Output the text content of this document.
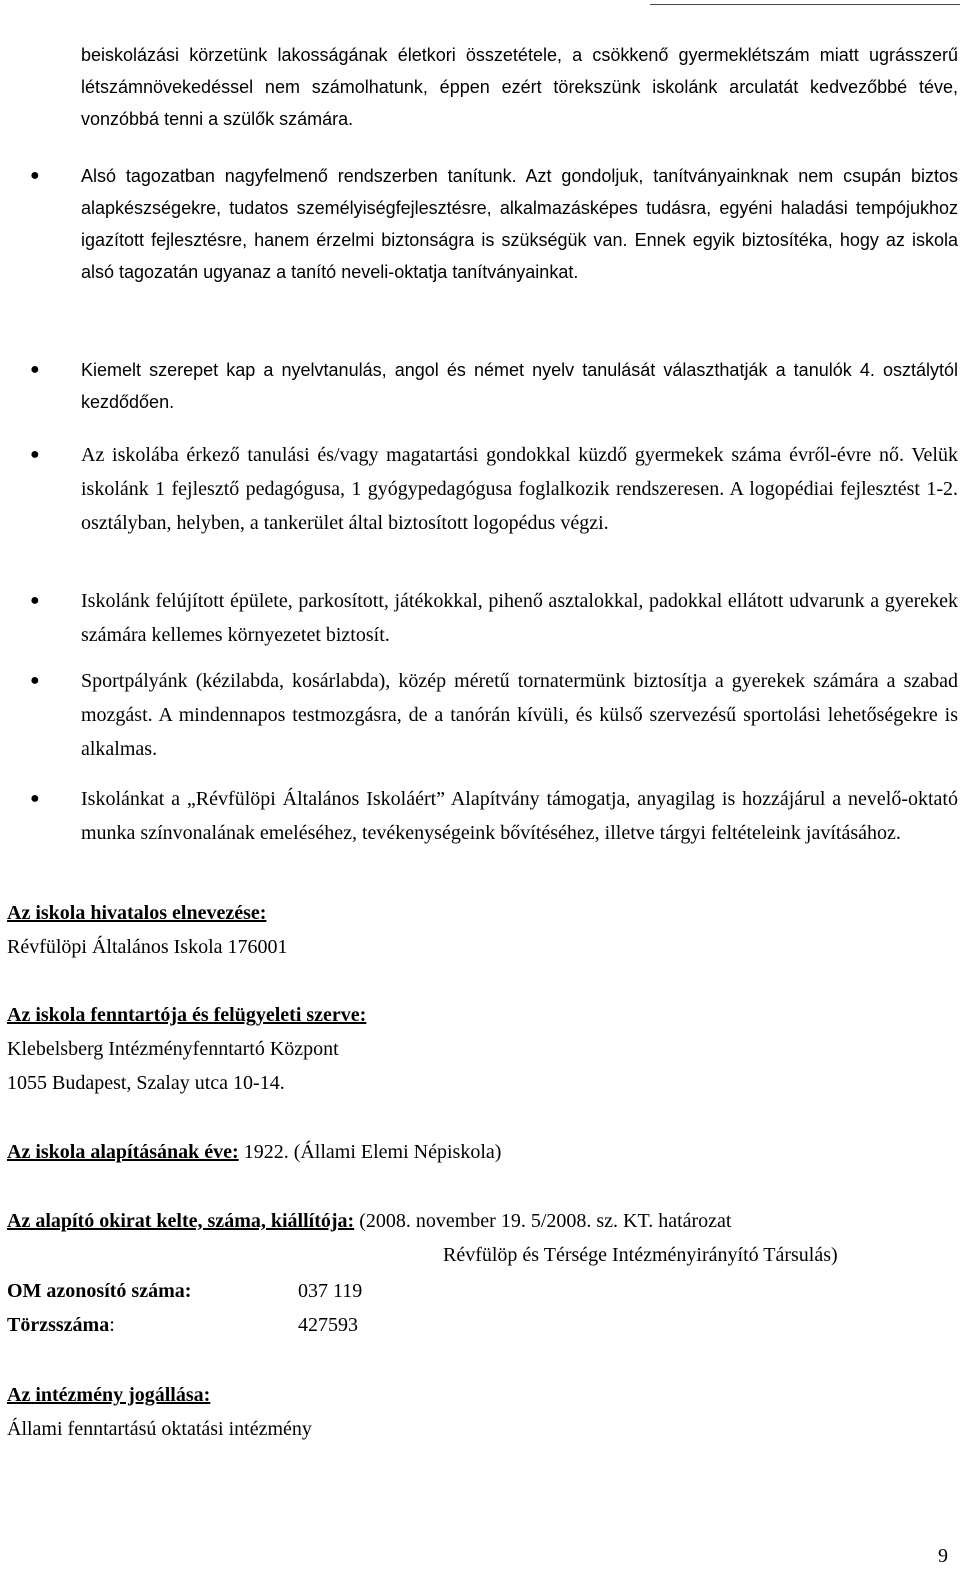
beiskolázási körzetünk lakosságának életkori összetétele, a csökkenő gyermeklétszám miatt ugrásszerű létszámnövekedéssel nem számolhatunk, éppen ezért törekszünk iskolánk arculatát kedvezőbbé téve, vonzóbbá tenni a szülők számára.

● Alsó tagozatban nagyfelmenő rendszerben tanítunk. Azt gondoljuk, tanítványainknak nem csupán biztos alapkészségekre, tudatos személyiségfejlesztésre, alkalmazásképes tudásra, egyéni haladási tempójukhoz igazított fejlesztésre, hanem érzelmi biztonságra is szükségük van. Ennek egyik biztosítéka, hogy az iskola alsó tagozatán ugyanaz a tanító neveli-oktatja tanítványainkat.

● Kiemelt szerepet kap a nyelvtanulás, angol és német nyelv tanulását választhatják a tanulók 4. osztálytól kezdődően.

● Az iskolába érkező tanulási és/vagy magatartási gondokkal küzdő gyermekek száma évről-évre nő. Velük iskolánk 1 fejlesztő pedagógusa, 1 gyógypedagógusa foglalkozik rendszeresen. A logopédiai fejlesztést 1-2. osztályban, helyben, a tankerület által biztosított logopédus végzi.

● Iskolánk felújított épülete, parkosított, játékokkal, pihenő asztalokkal, padokkal ellátott udvarunk a gyerekek számára kellemes környezetet biztosít.

● Sportpályánk (kézilabda, kosárlabda), közép méretű tornatermünk biztosítja a gyerekek számára a szabad mozgást. A mindennapos testmozgásra, de a tanórán kívüli, és külső szervezésű sportolási lehetőségekre is alkalmas.

● Iskolánkat a „Révfülöpi Általános Iskoláért” Alapítvány támogatja, anyagilag is hozzájárul a nevelő-oktató munka színvonalának emeléséhez, tevékenységeink bővítéséhez, illetve tárgyi feltételeink javításához.

Az iskola hivatalos elnevezése:
Révfülöpi Általános Iskola 176001
Az iskola fenntartója és felügyeleti szerve:
Klebelsberg Intézményfenntartó Központ
1055 Budapest, Szalay utca 10-14.
Az iskola alapításának éve: 1922. (Állami Elemi Népiskola)
Az alapító okirat kelte, száma, kiállítója: (2008. november 19. 5/2008. sz. KT. határozat
Révfülöp és Térsége Intézményirányító Társulás)
OM azonosító száma:	037 119
Törzsszáma:	427593
Az intézmény jogállása:
Állami fenntartású oktatási intézmény
9
